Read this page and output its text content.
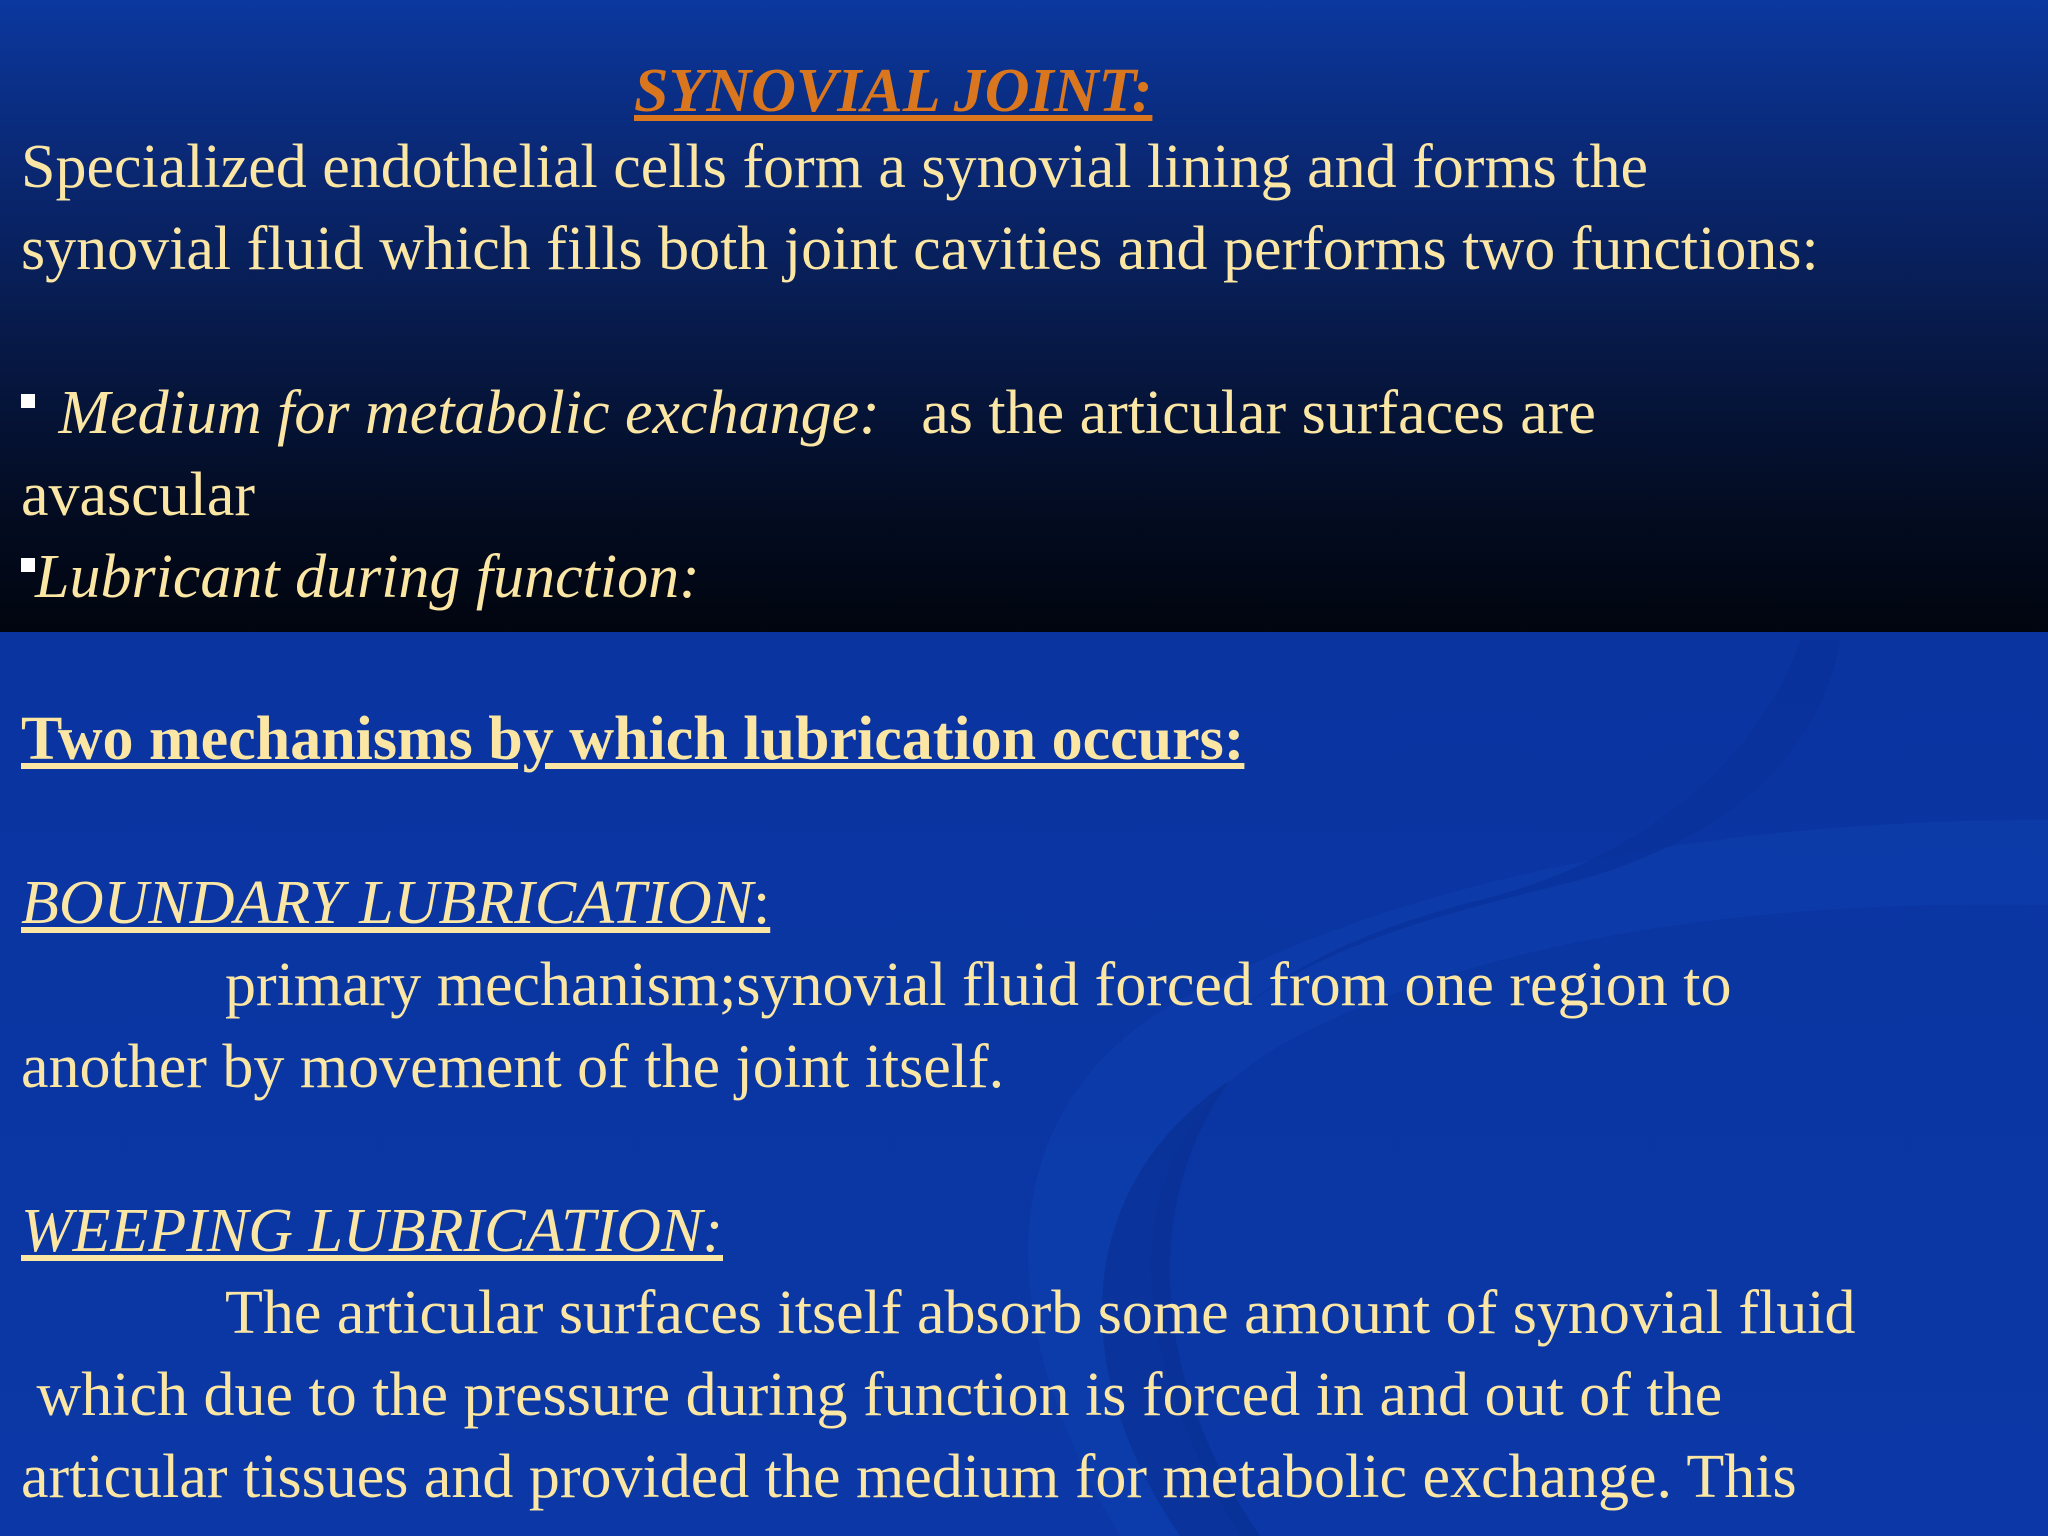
SYNOVIAL JOINT:
Specialized endothelial cells form a synovial lining and forms the
synovial fluid which fills both joint cavities and performs two functions:
Medium for metabolic exchange: as the articular surfaces are
avascular
Lubricant during function:
Two mechanisms by which lubrication occurs:
BOUNDARY LUBRICATION:
primary mechanism;synovial fluid forced from one region to
another by movement of the joint itself.
WEEPING LUBRICATION:
The articular surfaces itself absorb some amount of synovial fluid
which due to the pressure during function is forced in and out of the
articular tissues and provided the medium for metabolic exchange. This
